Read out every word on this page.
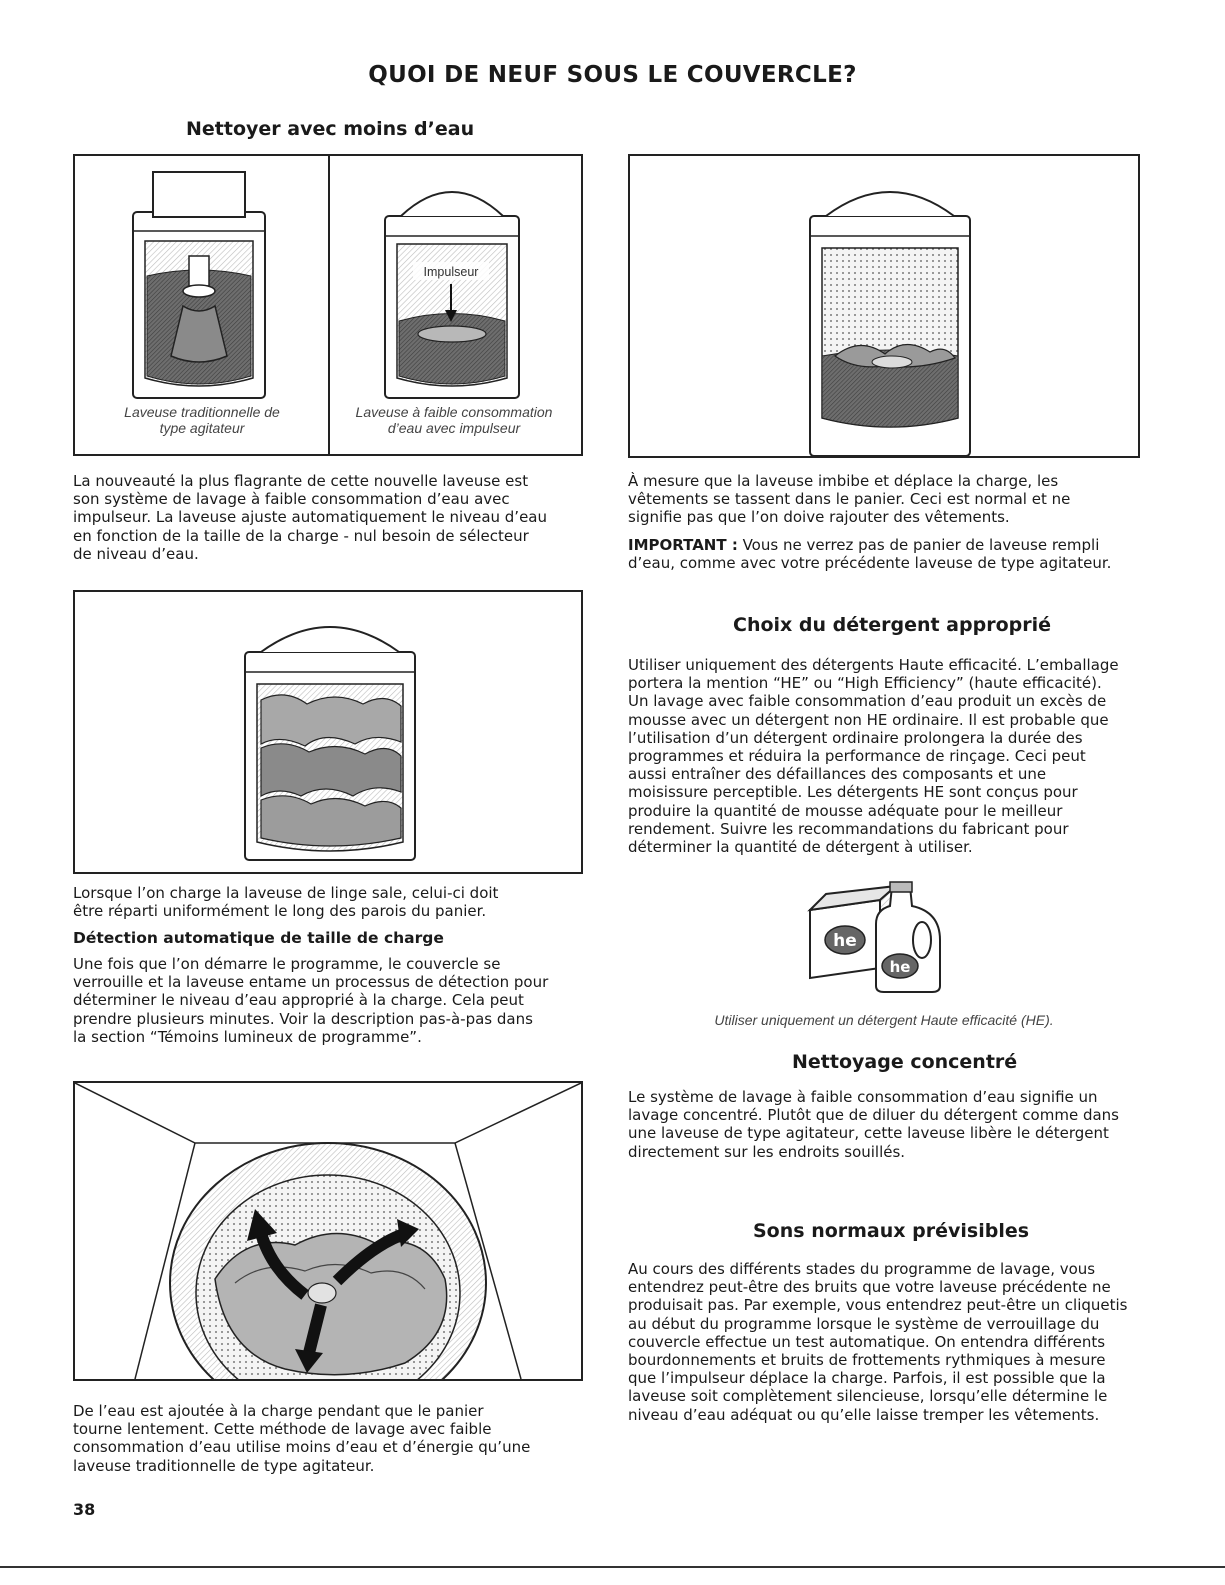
QUOI DE NEUF SOUS LE COUVERCLE?
Nettoyer avec moins d’eau
Impulseur
Laveuse traditionnelle de
type agitateur
Laveuse à faible consommation
d’eau avec impulseur

La nouveauté la plus flagrante de cette nouvelle laveuse est

son système de lavage à faible consommation d’eau avec

impulseur. La laveuse ajuste automatiquement le niveau d’eau

en fonction de la taille de la charge - nul besoin de sélecteur

de niveau d’eau.

À mesure que la laveuse imbibe et déplace la charge, les

vêtements se tassent dans le panier. Ceci est normal et ne

signifie pas que l’on doive rajouter des vêtements.

IMPORTANT : Vous ne verrez pas de panier de laveuse rempli

d’eau, comme avec votre précédente laveuse de type agitateur.

Choix du détergent approprié

Utiliser uniquement des détergents Haute efficacité. L’emballage

portera la mention “HE” ou “High Efficiency” (haute efficacité).

Un lavage avec faible consommation d’eau produit un excès de

mousse avec un détergent non HE ordinaire. Il est probable que

l’utilisation d’un détergent ordinaire prolongera la durée des

programmes et réduira la performance de rinçage. Ceci peut

aussi entraîner des défaillances des composants et une

moisissure perceptible. Les détergents HE sont conçus pour

produire la quantité de mousse adéquate pour le meilleur

rendement. Suivre les recommandations du fabricant pour

déterminer la quantité de détergent à utiliser.

Lorsque l’on charge la laveuse de linge sale, celui-ci doit

être réparti uniformément le long des parois du panier.

Détection automatique de taille de charge

Une fois que l’on démarre le programme, le couvercle se

verrouille et la laveuse entame un processus de détection pour

déterminer le niveau d’eau approprié à la charge. Cela peut

prendre plusieurs minutes. Voir la description pas-à-pas dans

la section “Témoins lumineux de programme”.

he
he
Utiliser uniquement un détergent Haute efficacité (HE).
Nettoyage concentré

Le système de lavage à faible consommation d’eau signifie un

lavage concentré. Plutôt que de diluer du détergent comme dans

une laveuse de type agitateur, cette laveuse libère le détergent

directement sur les endroits souillés.

Sons normaux prévisibles

Au cours des différents stades du programme de lavage, vous

entendrez peut-être des bruits que votre laveuse précédente ne

produisait pas. Par exemple, vous entendrez peut-être un cliquetis

au début du programme lorsque le système de verrouillage du

couvercle effectue un test automatique. On entendra différents

bourdonnements et bruits de frottements rythmiques à mesure

que l’impulseur déplace la charge. Parfois, il est possible que la

laveuse soit complètement silencieuse, lorsqu’elle détermine le

niveau d’eau adéquat ou qu’elle laisse tremper les vêtements.

De l’eau est ajoutée à la charge pendant que le panier

tourne lentement. Cette méthode de lavage avec faible

consommation d’eau utilise moins d’eau et d’énergie qu’une

laveuse traditionnelle de type agitateur.

38
